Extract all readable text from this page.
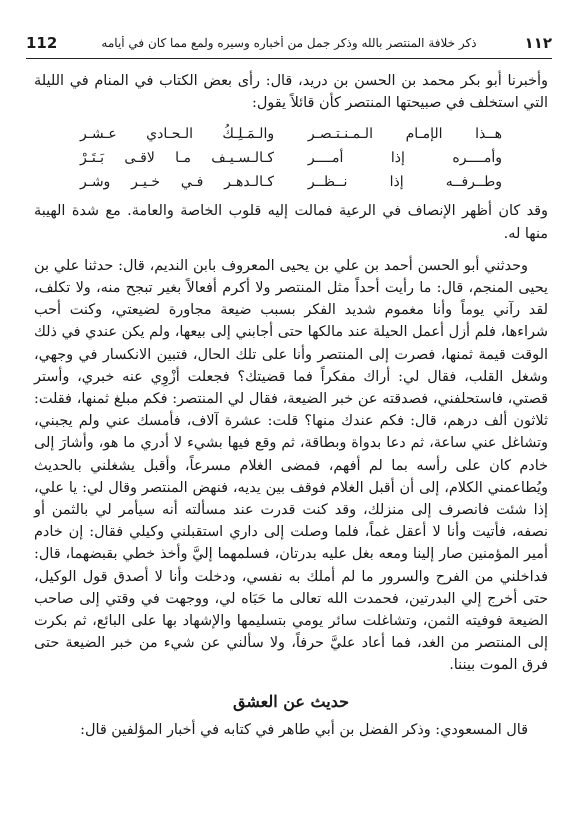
112	ذكر خلافة المنتصر بالله وذكر جمل من أخباره وسيره ولمع مما كان في أيامه	١١٢

وأخبرنا أبو بكر محمد بن الحسن بن دريد، قال: رأى بعض الكتاب في المنام في الليلة التي استخلف في صبيحتها المنتصر كأن قائلاً يقول:

هــذا الإمـام الـمـنـتـصـر
والـمَـلِـكُ الـحـادي عـشـر
وأمــــره إذا أمــــر
كـالـسـيـف مـا لاقـى بَـتَـرْ
وطــرفــه إذا نــظــر
كـالـدهـر فـي خـيـر وشـر

وقد كان أظهر الإنصاف في الرعية فمالت إليه قلوب الخاصة والعامة. مع شدة الهيبة منها له.

وحدثني أبو الحسن أحمد بن علي بن يحيى المعروف بابن النديم، قال: حدثنا علي بن يحيى المنجم، قال: ما رأيت أحداً مثل المنتصر ولا أكرم أفعالاً بغير تبجح منه، ولا تكلف، لقد رآني يوماً وأنا مغموم شديد الفكر بسبب ضيعة مجاورة لضيعتي، وكنت أحب شراءها، فلم أزل أعمل الحيلة عند مالكها حتى أجابني إلى بيعها، ولم يكن عندي في ذلك الوقت قيمة ثمنها، فصرت إلى المنتصر وأنا على تلك الحال، فتبين الانكسار في وجهي، وشغل القلب، فقال لي: أراك مفكراً فما قضيتك؟ فجعلت أزْوِي عنه خبري، وأستر قصتي، فاستحلفني، فصدقته عن خبر الضيعة، فقال لي المنتصر: فكم مبلغ ثمنها، فقلت: ثلاثون ألف درهم، قال: فكم عندك منها؟ قلت: عشرة آلاف، فأمسك عني ولم يجبني، وتشاغل عني ساعة، ثم دعا بدواة وبطاقة، ثم وقع فيها بشيء لا أدري ما هو، وأشارَ إلى خادم كان على رأسه بما لم أفهم، فمضى الغلام مسرعاً، وأقبل يشغلني بالحديث ويُطاعمني الكلام، إلى أن أقبل الغلام فوقف بين يديه، فنهض المنتصر وقال لي: يا علي، إذا شئت فانصرف إلى منزلك، وقد كنت قدرت عند مسألته أنه سيأمر لي بالثمن أو نصفه، فأتيت وأنا لا أعقل غماً، فلما وصلت إلى داري استقبلني وكيلي فقال: إن خادم أمير المؤمنين صار إلينا ومعه بغل عليه بدرتان، فسلمهما إليَّ وأخذ خطي بقبضهما، قال: فداخلني من الفرح والسرور ما لم أملك به نفسي، ودخلت وأنا لا أصدق قول الوكيل، حتى أخرج إلي البدرتين، فحمدت الله تعالى ما حَبَاه لي، ووجهت في وقتي إلى صاحب الضيعة فوفيته الثمن، وتشاغلت سائر يومي بتسليمها والإشهاد بها على البائع، ثم بكرت إلى المنتصر من الغد، فما أعاد عليَّ حرفاً، ولا سألني عن شيء من خبر الضيعة حتى فرق الموت بيننا.

حديث عن العشق

قال المسعودي: وذكر الفضل بن أبي طاهر في كتابه في أخبار المؤلفين قال:
